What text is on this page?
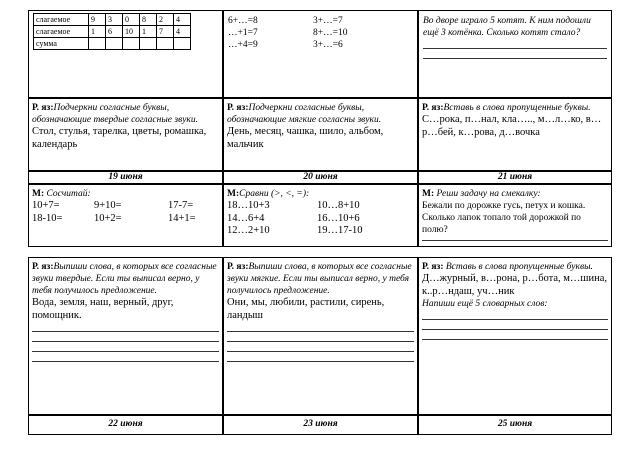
слагаемое	9	3	0	8	2	4
слагаемое	1	6	10	1	7	4
сумма						
6+…=8	3+…=7
…+1=7	8+…=10
…+4=9	3+…=6
Во дворе играло 5 котят. К ним подошли ещё 3 котёнка. Сколько котят стало?
Р. яз:Подчеркни согласные буквы, обозначающие твердые согласные звуки.
Стол, стулья, тарелка, цветы, ромашка, календарь
Р. яз:Подчеркни согласные буквы, обозначающие мягкие согласны звуки.
День, месяц, чашка, шило, альбом, мальчик
Р. яз:Вставь в слова пропущенные буквы.
С…рока, п…нал, кла….., м…л…ко, в…р…бей, к…рова, д…вочка
19 июня	20 июня	21 июня
М: Сосчитай:
10+7=	9+10=	17-7=
18-10=	10+2=	14+1=
М:Сравни (>, <, =):
18…10+3	10…8+10
14…6+4	16…10+6
12…2+10	19…17-10
М: Реши задачу на смекалку:
Бежали по дорожке гусь, петух и кошка. Сколько лапок топало той дорожкой по полю?
Р. яз:Выпиши слова, в которых все согласные звуки твердые. Если ты выписал верно, у тебя получилось предложение.
Вода, земля, наш, верный, друг, помощник.
Р. яз:Выпиши слова, в которых все согласные звуки мягкие. Если ты выписал верно, у тебя получилось предложение.
Они, мы, любили, растили, сирень, ландыш
Р. яз: Вставь в слова пропущенные буквы.
Д…журный, в…рона, р…бота, м…шина, к..р…ндаш, уч…ник
Напиши ещё 5 словарных слов:
22 июня	23 июня	25 июня
